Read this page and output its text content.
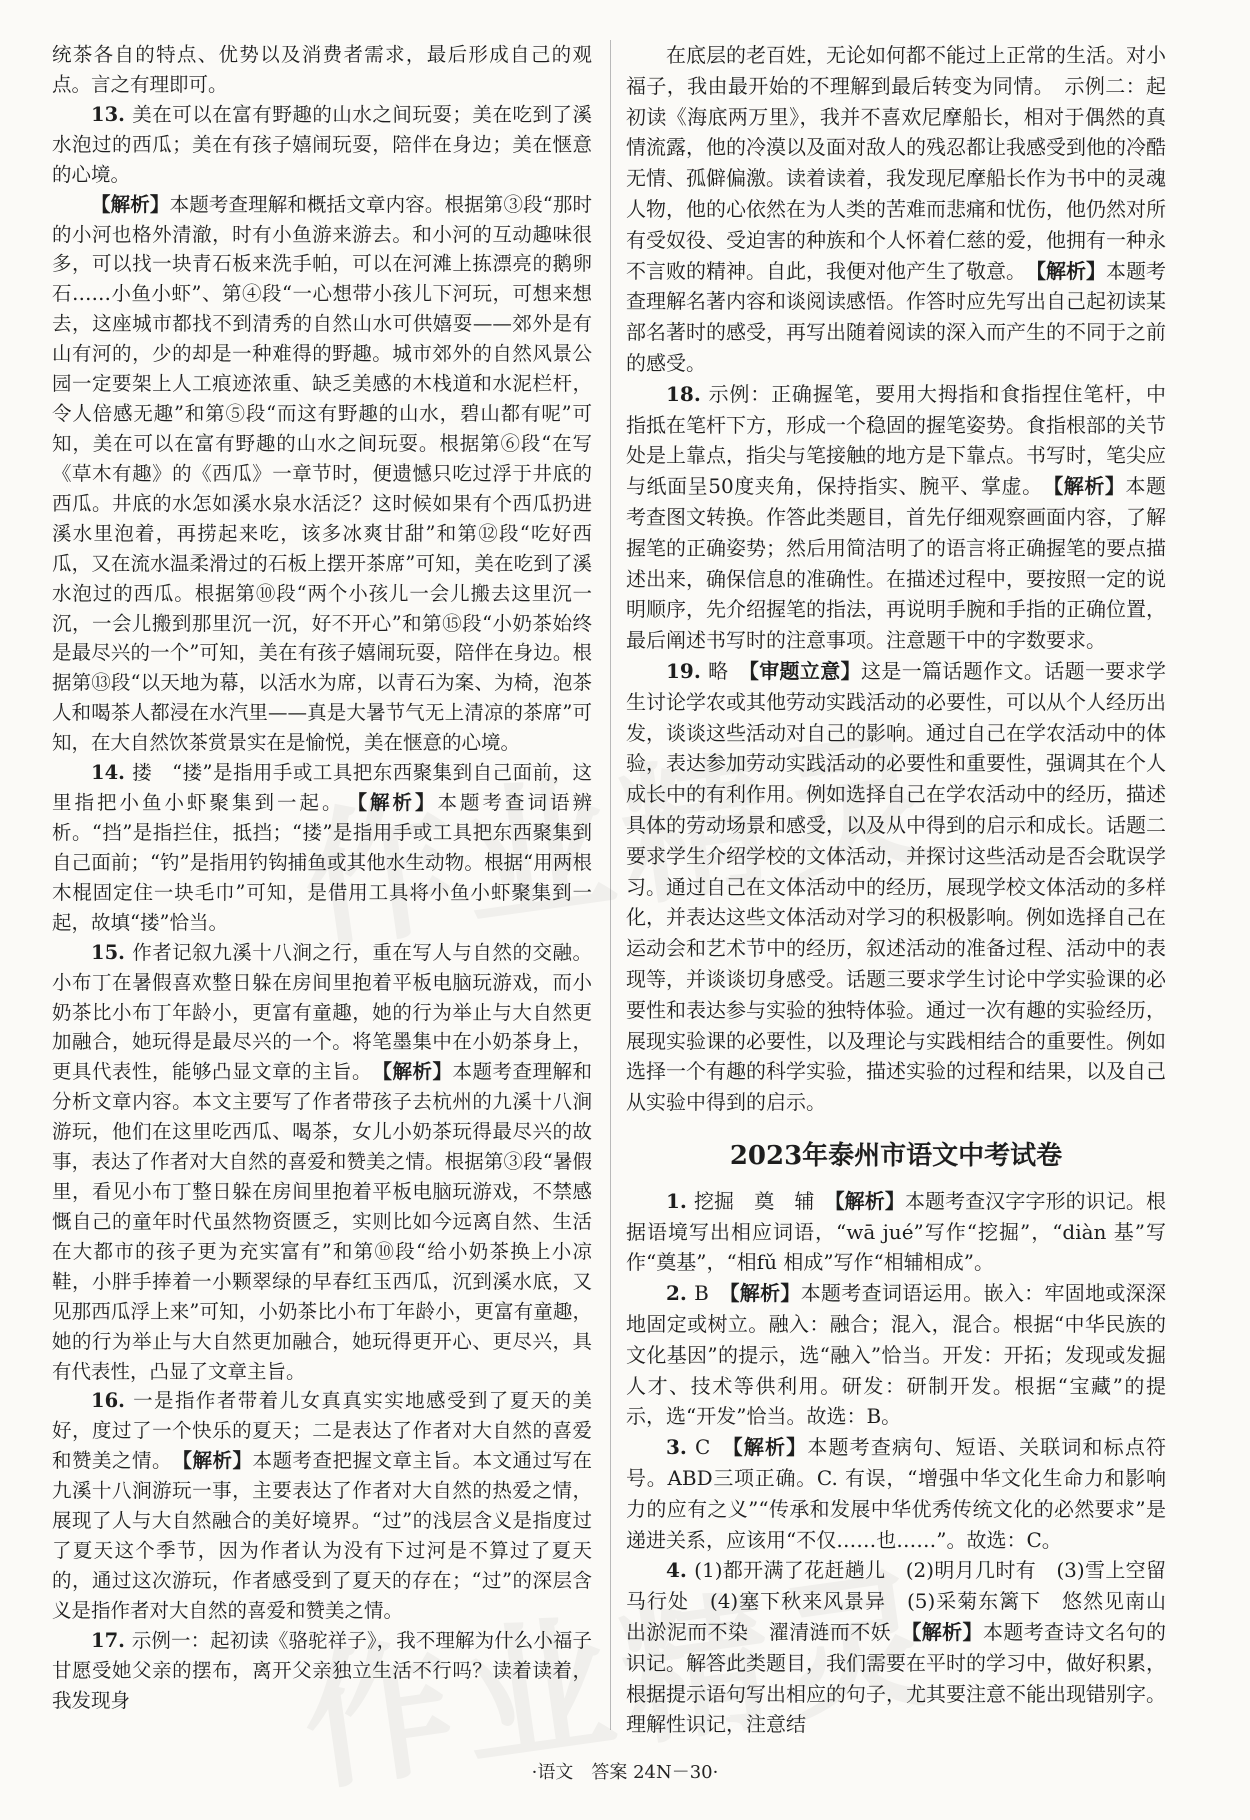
统茶各自的特点、优势以及消费者需求，最后形成自己的观点。言之有理即可。

13. 美在可以在富有野趣的山水之间玩耍；美在吃到了溪水泡过的西瓜；美在有孩子嬉闹玩耍，陪伴在身边；美在惬意的心境。

【解析】本题考查理解和概括文章内容。根据第③段“那时的小河也格外清澈，时有小鱼游来游去。和小河的互动趣味很多，可以找一块青石板来洗手帕，可以在河滩上拣漂亮的鹅卵石……小鱼小虾”、第④段“一心想带小孩儿下河玩，可想来想去，这座城市都找不到清秀的自然山水可供嬉耍——郊外是有山有河的，少的却是一种难得的野趣。城市郊外的自然风景公园一定要架上人工痕迹浓重、缺乏美感的木栈道和水泥栏杆，令人倍感无趣”和第⑤段“而这有野趣的山水，碧山都有呢”可知，美在可以在富有野趣的山水之间玩耍。根据第⑥段“在写《草木有趣》的《西瓜》一章节时，便遗憾只吃过浮于井底的西瓜。井底的水怎如溪水泉水活泛？这时候如果有个西瓜扔进溪水里泡着，再捞起来吃，该多冰爽甘甜”和第⑫段“吃好西瓜，又在流水温柔滑过的石板上摆开茶席”可知，美在吃到了溪水泡过的西瓜。根据第⑩段“两个小孩儿一会儿搬去这里沉一沉，一会儿搬到那里沉一沉，好不开心”和第⑮段“小奶茶始终是最尽兴的一个”可知，美在有孩子嬉闹玩耍，陪伴在身边。根据第⑬段“以天地为幕，以活水为席，以青石为案、为椅，泡茶人和喝茶人都浸在水汽里——真是大暑节气无上清凉的茶席”可知，在大自然饮茶赏景实在是愉悦，美在惬意的心境。

14. 搂　“搂”是指用手或工具把东西聚集到自己面前，这里指把小鱼小虾聚集到一起。　 【解析】本题考查词语辨析。“挡”是指拦住，抵挡；“搂”是指用手或工具把东西聚集到自己面前；“钓”是指用钓钩捕鱼或其他水生动物。根据“用两根木棍固定住一块毛巾”可知，是借用工具将小鱼小虾聚集到一起，故填“搂”恰当。

15. 作者记叙九溪十八涧之行，重在写人与自然的交融。小布丁在暑假喜欢整日躲在房间里抱着平板电脑玩游戏，而小奶茶比小布丁年龄小，更富有童趣，她的行为举止与大自然更加融合，她玩得是最尽兴的一个。将笔墨集中在小奶茶身上，更具代表性，能够凸显文章的主旨。　 【解析】本题考查理解和分析文章内容。本文主要写了作者带孩子去杭州的九溪十八涧游玩，他们在这里吃西瓜、喝茶，女儿小奶茶玩得最尽兴的故事，表达了作者对大自然的喜爱和赞美之情。根据第③段“暑假里，看见小布丁整日躲在房间里抱着平板电脑玩游戏，不禁感慨自己的童年时代虽然物资匮乏，实则比如今远离自然、生活在大都市的孩子更为充实富有”和第⑩段“给小奶茶换上小凉鞋，小胖手捧着一小颗翠绿的早春红玉西瓜，沉到溪水底，又见那西瓜浮上来”可知，小奶茶比小布丁年龄小，更富有童趣，她的行为举止与大自然更加融合，她玩得更开心、更尽兴，具有代表性，凸显了文章主旨。

16. 一是指作者带着儿女真真实实地感受到了夏天的美好，度过了一个快乐的夏天；二是表达了作者对大自然的喜爱和赞美之情。　 【解析】本题考查把握文章主旨。本文通过写在九溪十八涧游玩一事，主要表达了作者对大自然的热爱之情，展现了人与大自然融合的美好境界。“过”的浅层含义是指度过了夏天这个季节，因为作者认为没有下过河是不算过了夏天的，通过这次游玩，作者感受到了夏天的存在；“过”的深层含义是指作者对大自然的喜爱和赞美之情。

17. 示例一：起初读《骆驼祥子》，我不理解为什么小福子甘愿受她父亲的摆布，离开父亲独立生活不行吗？读着读着，我发现身

在底层的老百姓，无论如何都不能过上正常的生活。对小福子，我由最开始的不理解到最后转变为同情。　示例二：起初读《海底两万里》，我并不喜欢尼摩船长，相对于偶然的真情流露，他的冷漠以及面对敌人的残忍都让我感受到他的冷酷无情、孤僻偏激。读着读着，我发现尼摩船长作为书中的灵魂人物，他的心依然在为人类的苦难而悲痛和忧伤，他仍然对所有受奴役、受迫害的种族和个人怀着仁慈的爱，他拥有一种永不言败的精神。自此，我便对他产生了敬意。　 【解析】本题考查理解名著内容和谈阅读感悟。作答时应先写出自己起初读某部名著时的感受，再写出随着阅读的深入而产生的不同于之前的感受。

18. 示例：正确握笔，要用大拇指和食指捏住笔杆，中指抵在笔杆下方，形成一个稳固的握笔姿势。食指根部的关节处是上靠点，指尖与笔接触的地方是下靠点。书写时，笔尖应与纸面呈50度夹角，保持指实、腕平、掌虚。　 【解析】本题考查图文转换。作答此类题目，首先仔细观察画面内容，了解握笔的正确姿势；然后用简洁明了的语言将正确握笔的要点描述出来，确保信息的准确性。在描述过程中，要按照一定的说明顺序，先介绍握笔的指法，再说明手腕和手指的正确位置，最后阐述书写时的注意事项。注意题干中的字数要求。

19. 略　 【审题立意】这是一篇话题作文。话题一要求学生讨论学农或其他劳动实践活动的必要性，可以从个人经历出发，谈谈这些活动对自己的影响。通过自己在学农活动中的体验，表达参加劳动实践活动的必要性和重要性，强调其在个人成长中的有利作用。例如选择自己在学农活动中的经历，描述具体的劳动场景和感受，以及从中得到的启示和成长。话题二要求学生介绍学校的文体活动，并探讨这些活动是否会耽误学习。通过自己在文体活动中的经历，展现学校文体活动的多样化，并表达这些文体活动对学习的积极影响。例如选择自己在运动会和艺术节中的经历，叙述活动的准备过程、活动中的表现等，并谈谈切身感受。话题三要求学生讨论中学实验课的必要性和表达参与实验的独特体验。通过一次有趣的实验经历，展现实验课的必要性，以及理论与实践相结合的重要性。例如选择一个有趣的科学实验，描述实验的过程和结果，以及自己从实验中得到的启示。

2023年泰州市语文中考试卷

1. 挖掘　奠　辅　 【解析】本题考查汉字字形的识记。根据语境写出相应词语，“wā jué”写作“挖掘”，“diàn 基”写作“奠基”，“相fǔ 相成”写作“相辅相成”。

2. B　 【解析】本题考查词语运用。嵌入：牢固地或深深地固定或树立。融入：融合；混入，混合。根据“中华民族的文化基因”的提示，选“融入”恰当。开发：开拓；发现或发掘人才、技术等供利用。研发：研制开发。根据“宝藏”的提示，选“开发”恰当。故选：B。

3. C　 【解析】本题考查病句、短语、关联词和标点符号。ABD三项正确。C. 有误，“增强中华文化生命力和影响力的应有之义”“传承和发展中华优秀传统文化的必然要求”是递进关系，应该用“不仅……也……”。故选：C。

4. (1)都开满了花赶趟儿　(2)明月几时有　(3)雪上空留马行处　(4)塞下秋来风景异　(5)采菊东篱下　悠然见南山　出淤泥而不染　濯清涟而不妖　 【解析】本题考查诗文名句的识记。解答此类题目，我们需要在平时的学习中，做好积累，根据提示语句写出相应的句子，尤其要注意不能出现错别字。理解性识记，注意结

·语文　答案 24N－30·
